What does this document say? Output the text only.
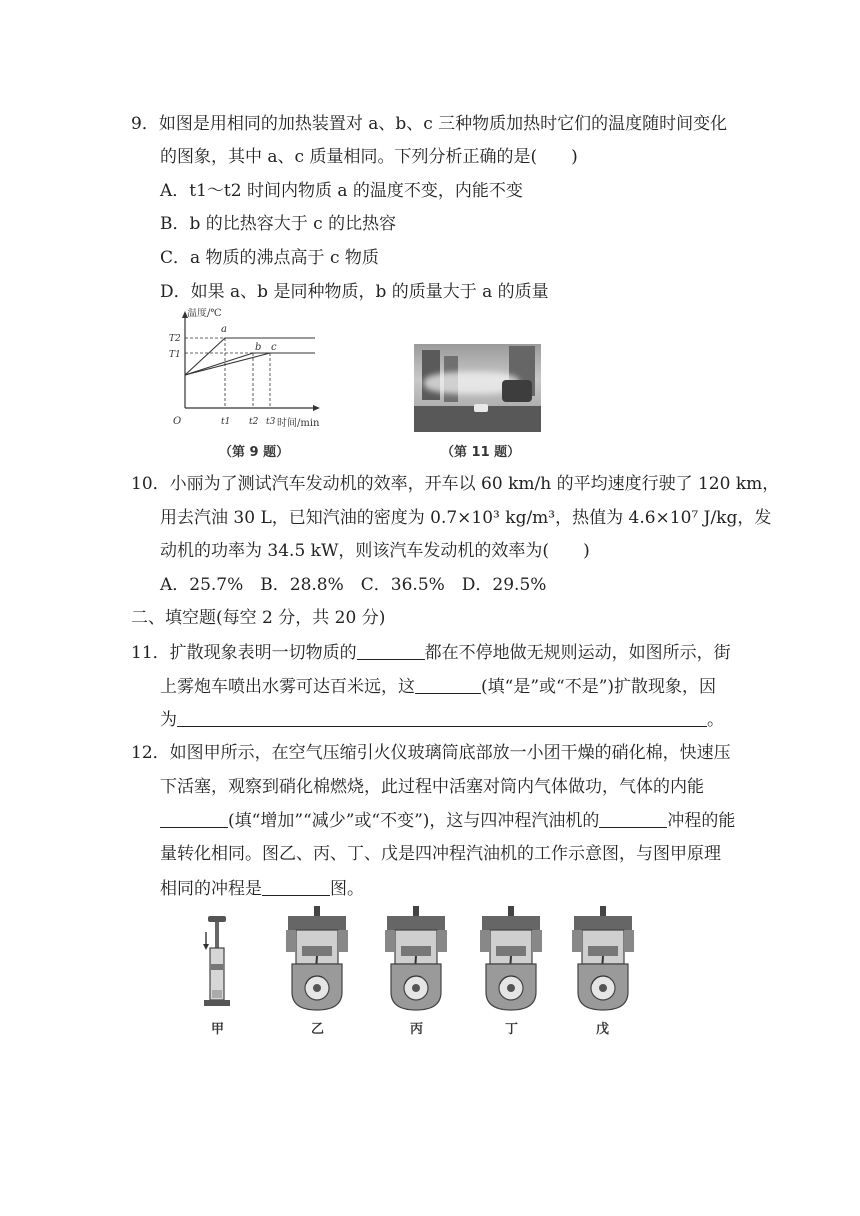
9．如图是用相同的加热装置对 a、b、c 三种物质加热时它们的温度随时间变化
的图象，其中 a、c 质量相同。下列分析正确的是(　　)
A．t1～t2 时间内物质 a 的温度不变，内能不变
B．b 的比热容大于 c 的比热容
C．a 物质的沸点高于 c 物质
D．如果 a、b 是同种物质，b 的质量大于 a 的质量
温度/℃
时间/min
O
T2
T1
t1 t2 t3
a
b c
（第 9 题）	（第 11 题）
10．小丽为了测试汽车发动机的效率，开车以 60 km/h 的平均速度行驶了 120 km，
用去汽油 30 L，已知汽油的密度为 0.7×10³ kg/m³，热值为 4.6×10⁷ J/kg，发
动机的功率为 34.5 kW，则该汽车发动机的效率为(　　)
A．25.7%　B．28.8%　C．36.5%　D．29.5%
二、填空题(每空 2 分，共 20 分)
11．扩散现象表明一切物质的	都在不停地做无规则运动，如图所示，街
上雾炮车喷出水雾可达百米远，这	(填“是”或“不是”)扩散现象，因
为	。
12．如图甲所示，在空气压缩引火仪玻璃筒底部放一小团干燥的硝化棉，快速压
下活塞，观察到硝化棉燃烧，此过程中活塞对筒内气体做功，气体的内能
(填“增加”“减少”或“不变”)，这与四冲程汽油机的	冲程的能
量转化相同。图乙、丙、丁、戊是四冲程汽油机的工作示意图，与图甲原理
相同的冲程是	图。
甲	乙	丙	丁	戊
